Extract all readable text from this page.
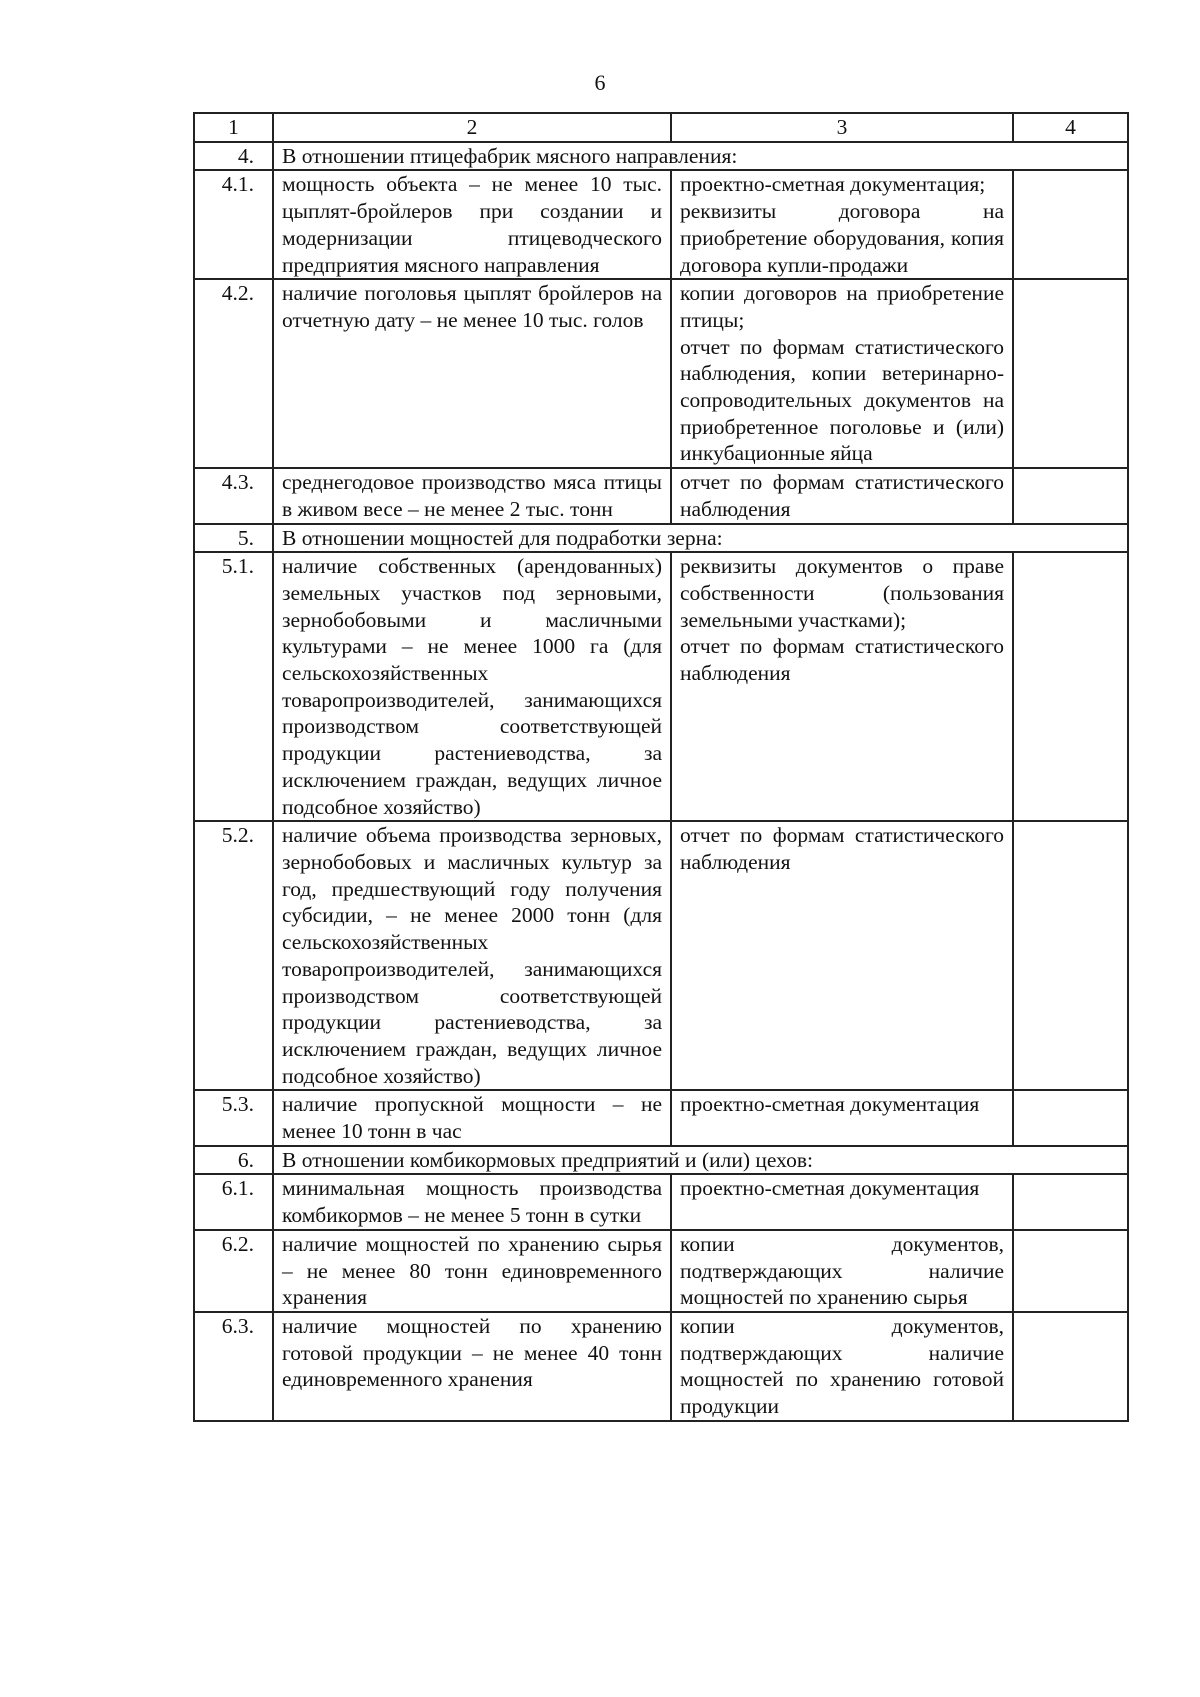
6
1	2	3	4
4.	В отношении птицефабрик мясного направления:		
4.1.	мощность объекта – не менее 10 тыс. цыплят-бройлеров при создании и модернизации птицеводческого предприятия мясного направления	проектно-сметная документация;
реквизиты договора на приобретение оборудования, копия договора купли-продажи	

4.2.	наличие поголовья цыплят бройлеров на отчетную дату – не менее 10 тыс. голов	копии договоров на приобретение птицы;
отчет по формам статистического наблюдения, копии ветеринарно-сопроводительных документов на приобретенное поголовье и (или) инкубационные яйца	

4.3.	среднегодовое производство мяса птицы в живом весе – не менее 2 тыс. тонн	отчет по формам статистического наблюдения	

5.	В отношении мощностей для подработки зерна:		
5.1.	наличие собственных (арендованных) земельных участков под зерновыми, зернобобовыми и масличными культурами – не менее 1000 га (для сельскохозяйственных товаропроизводителей, занимающихся производством соответствующей продукции растениеводства, за исключением граждан, ведущих личное подсобное хозяйство)	реквизиты документов о праве собственности (пользования земельными участками);
отчет по формам статистического наблюдения	

5.2.	наличие объема производства зерновых, зернобобовых и масличных культур за год, предшествующий году получения субсидии, – не менее 2000 тонн (для сельскохозяйственных товаропроизводителей, занимающихся производством соответствующей продукции растениеводства, за исключением граждан, ведущих личное подсобное хозяйство)	отчет по формам статистического наблюдения	

5.3.	наличие пропускной мощности – не менее 10 тонн в час	проектно-сметная документация	

6.	В отношении комбикормовых предприятий и (или) цехов:		
6.1.	минимальная мощность производства комбикормов – не менее 5 тонн в сутки	проектно-сметная документация	

6.2.	наличие мощностей по хранению сырья – не менее 80 тонн единовременного хранения	копии документов, подтверждающих наличие мощностей по хранению сырья	

6.3.	наличие мощностей по хранению готовой продукции – не менее 40 тонн единовременного хранения	копии документов, подтверждающих наличие мощностей по хранению готовой продукции	
